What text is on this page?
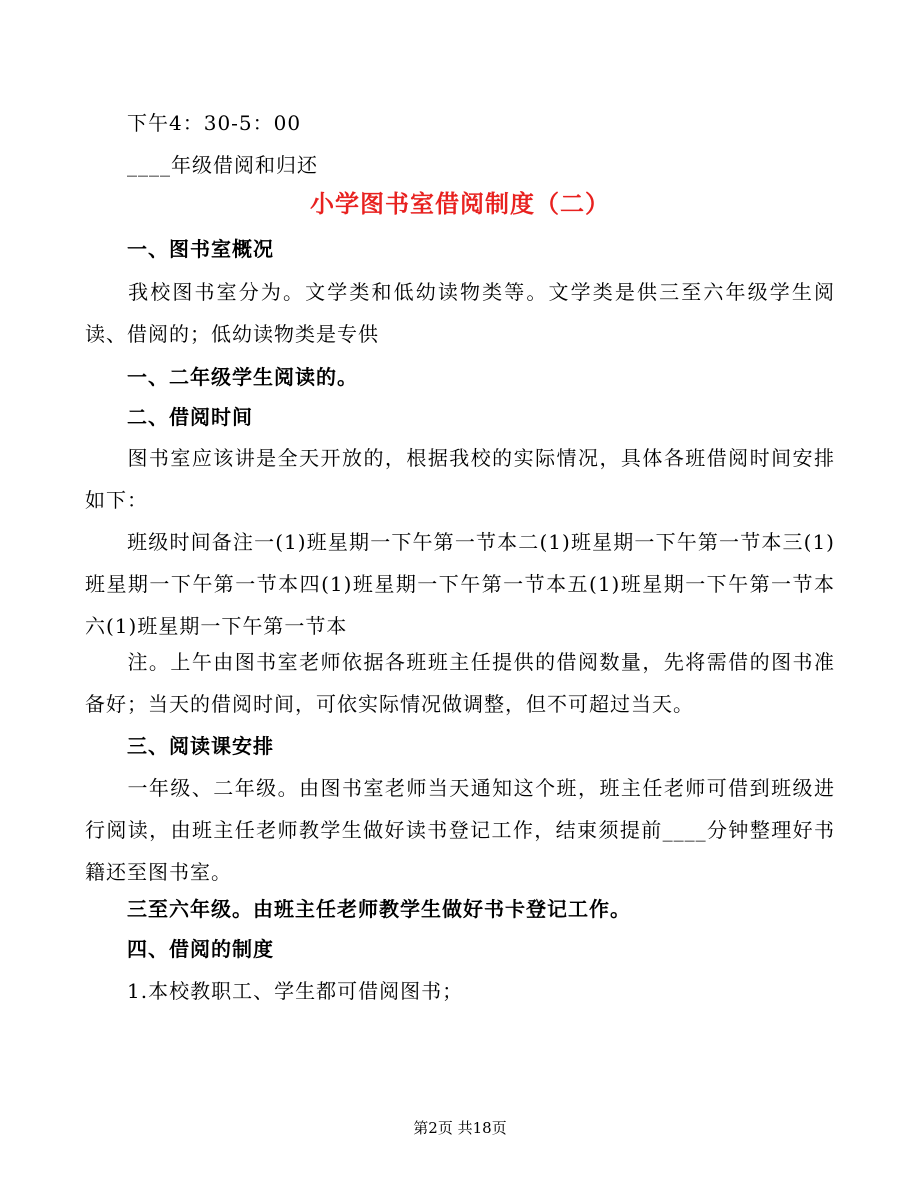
下午4：30-5：00
____年级借阅和归还
小学图书室借阅制度（二）
一、图书室概况
我校图书室分为。文学类和低幼读物类等。文学类是供三至六年级学生阅读、借阅的；低幼读物类是专供
一、二年级学生阅读的。
二、借阅时间
图书室应该讲是全天开放的，根据我校的实际情况，具体各班借阅时间安排如下：
班级时间备注一(1)班星期一下午第一节本二(1)班星期一下午第一节本三(1)班星期一下午第一节本四(1)班星期一下午第一节本五(1)班星期一下午第一节本六(1)班星期一下午第一节本
注。上午由图书室老师依据各班班主任提供的借阅数量，先将需借的图书准备好；当天的借阅时间，可依实际情况做调整，但不可超过当天。
三、阅读课安排
一年级、二年级。由图书室老师当天通知这个班，班主任老师可借到班级进行阅读，由班主任老师教学生做好读书登记工作，结束须提前____分钟整理好书籍还至图书室。
三至六年级。由班主任老师教学生做好书卡登记工作。
四、借阅的制度
1.本校教职工、学生都可借阅图书；
第2页 共18页
